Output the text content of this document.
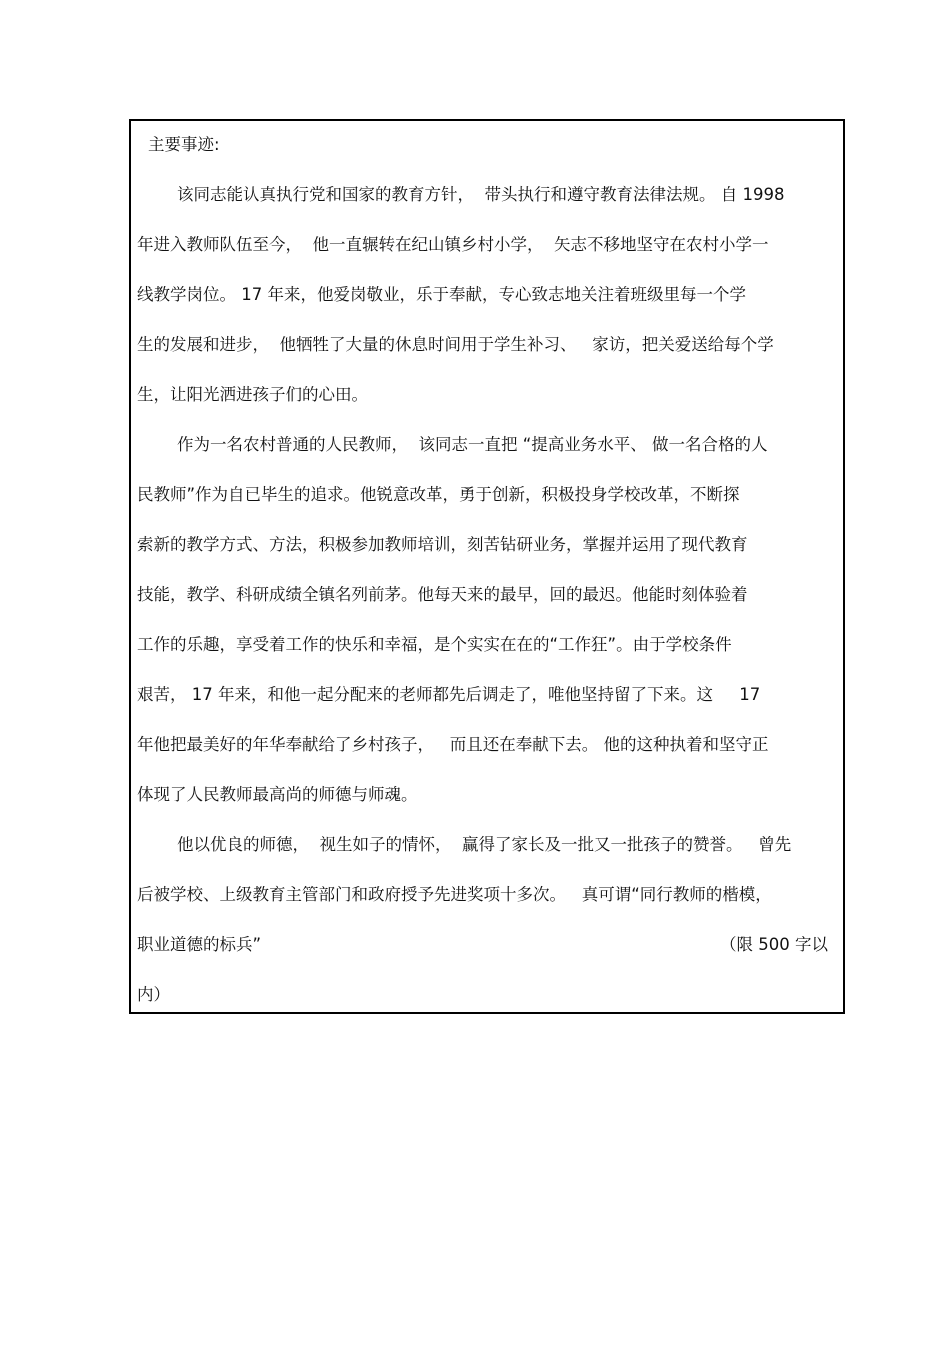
主要事迹:
该同志能认真执行党和国家的教育方针，  带头执行和遵守教育法律法规。 自 1998
年进入教师队伍至今，  他一直辗转在纪山镇乡村小学，  矢志不移地坚守在农村小学一
线教学岗位。 17 年来，他爱岗敬业，乐于奉献，专心致志地关注着班级里每一个学
生的发展和进步，  他牺牲了大量的休息时间用于学生补习、   家访，把关爱送给每个学
生，让阳光洒进孩子们的心田。
作为一名农村普通的人民教师，  该同志一直把 “提高业务水平、 做一名合格的人
民教师”作为自已毕生的追求。他锐意改革，勇于创新，积极投身学校改革，不断探
索新的教学方式、方法，积极参加教师培训，刻苦钻研业务，掌握并运用了现代教育
技能，教学、科研成绩全镇名列前茅。他每天来的最早，回的最迟。他能时刻体验着
工作的乐趣，享受着工作的快乐和幸福，是个实实在在的“工作狂”。由于学校条件
艰苦， 17 年来，和他一起分配来的老师都先后调走了，唯他坚持留了下来。这     17
年他把最美好的年华奉献给了乡村孩子，   而且还在奉献下去。 他的这种执着和坚守正
体现了人民教师最高尚的师德与师魂。
他以优良的师德，  视生如子的情怀，  赢得了家长及一批又一批孩子的赞誉。   曾先
后被学校、上级教育主管部门和政府授予先进奖项十多次。   真可谓“同行教师的楷模，
职业道德的标兵”	（限 500 字以
内）
